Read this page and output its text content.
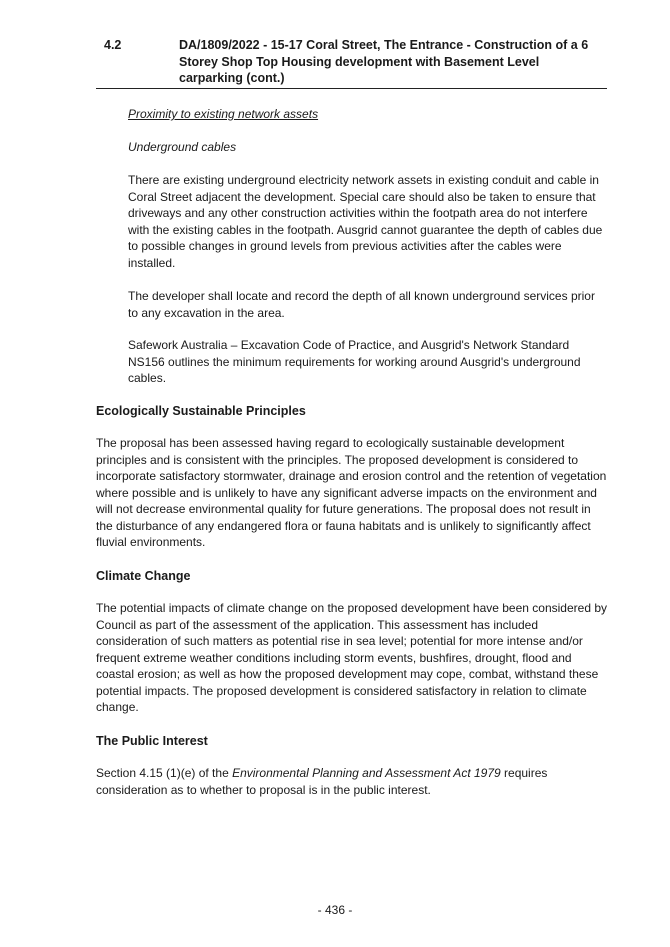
4.2	DA/1809/2022 - 15-17 Coral Street, The Entrance - Construction of a 6 Storey Shop Top Housing development with Basement Level carparking (cont.)

Proximity to existing network assets

Underground cables

There are existing underground electricity network assets in existing conduit and cable in Coral Street adjacent the development. Special care should also be taken to ensure that driveways and any other construction activities within the footpath area do not interfere with the existing cables in the footpath. Ausgrid cannot guarantee the depth of cables due to possible changes in ground levels from previous activities after the cables were installed.

The developer shall locate and record the depth of all known underground services prior to any excavation in the area.

Safework Australia – Excavation Code of Practice, and Ausgrid's Network Standard NS156 outlines the minimum requirements for working around Ausgrid's underground cables.

Ecologically Sustainable Principles

The proposal has been assessed having regard to ecologically sustainable development principles and is consistent with the principles. The proposed development is considered to incorporate satisfactory stormwater, drainage and erosion control and the retention of vegetation where possible and is unlikely to have any significant adverse impacts on the environment and will not decrease environmental quality for future generations. The proposal does not result in the disturbance of any endangered flora or fauna habitats and is unlikely to significantly affect fluvial environments.

Climate Change

The potential impacts of climate change on the proposed development have been considered by Council as part of the assessment of the application. This assessment has included consideration of such matters as potential rise in sea level; potential for more intense and/or frequent extreme weather conditions including storm events, bushfires, drought, flood and coastal erosion; as well as how the proposed development may cope, combat, withstand these potential impacts. The proposed development is considered satisfactory in relation to climate change.

The Public Interest

Section 4.15 (1)(e) of the Environmental Planning and Assessment Act 1979 requires consideration as to whether to proposal is in the public interest.

- 436 -
